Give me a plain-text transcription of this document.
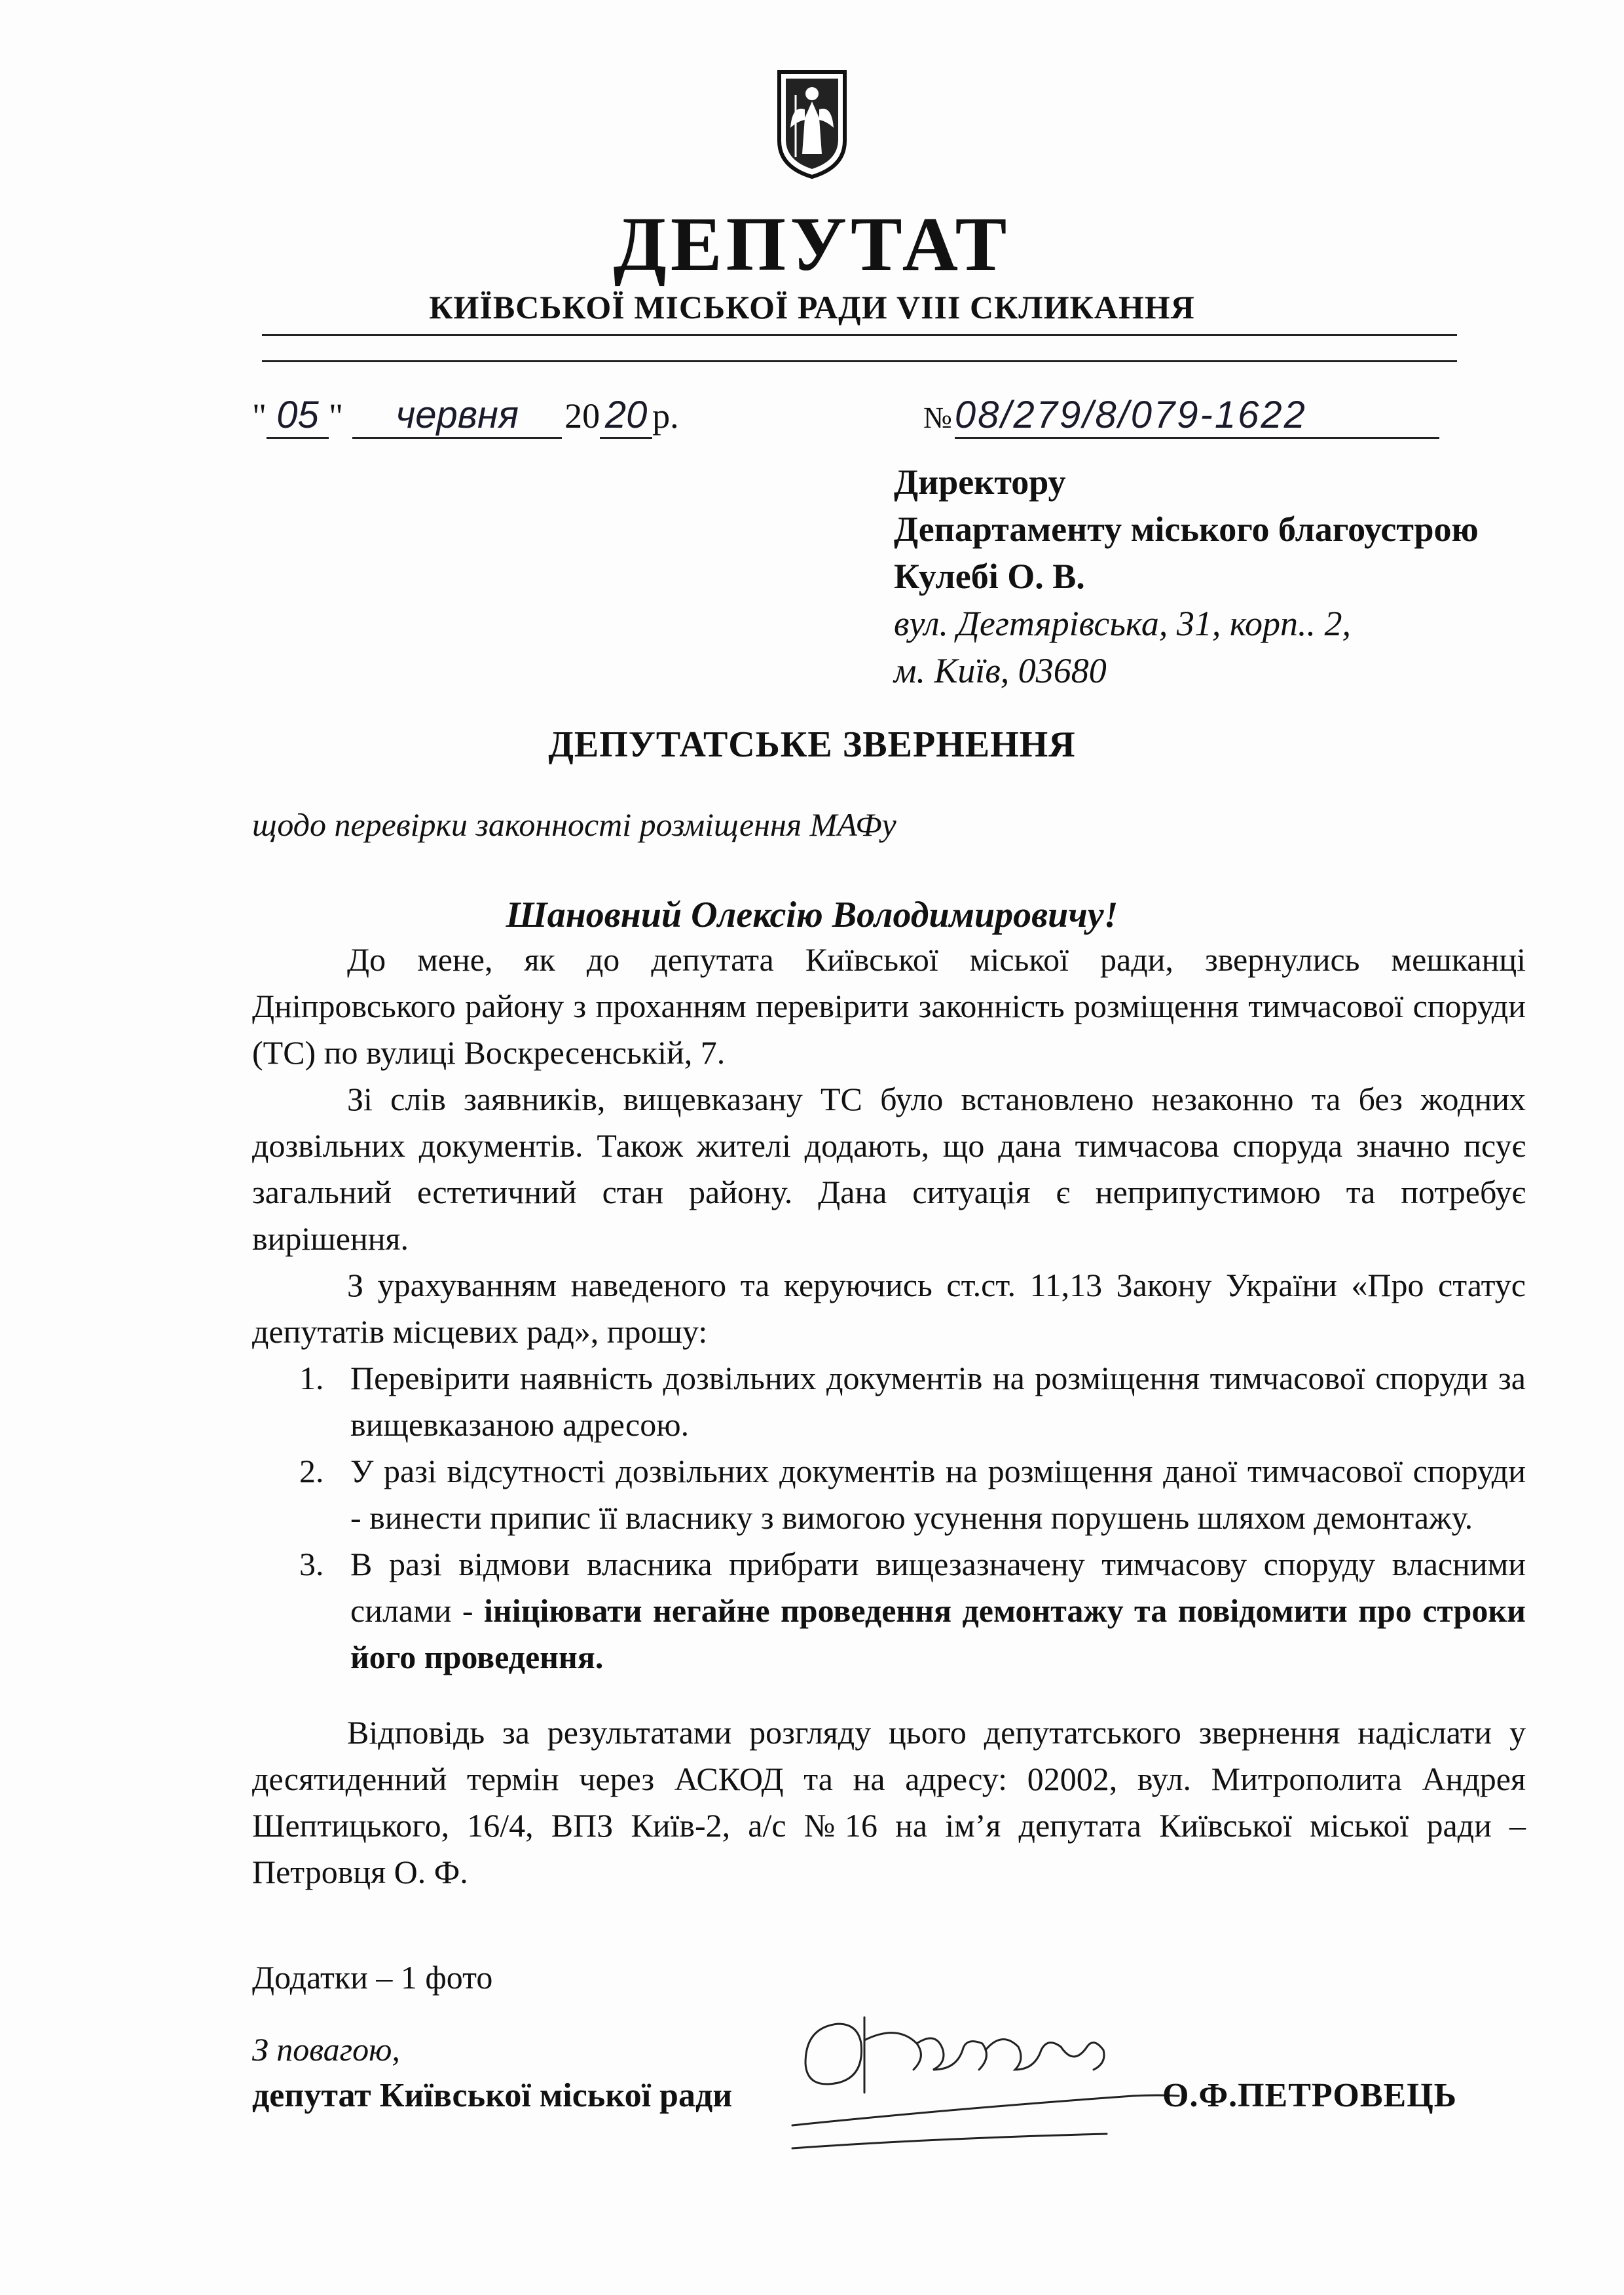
ДЕПУТАТ
КИЇВСЬКОЇ МІСЬКОЇ РАДИ VIII СКЛИКАННЯ
" 05 " червня 20 20 р.	№ 08/279/8/079-1622
Директору
Департаменту міського благоустрою
Кулебі О. В.
вул. Дегтярівська, 31, корп.. 2,
м. Київ, 03680
ДЕПУТАТСЬКЕ ЗВЕРНЕННЯ
щодо перевірки законності розміщення МАФу
Шановний Олексію Володимировичу!

До мене, як до депутата Київської міської ради, звернулись мешканці Дніпровського району з проханням перевірити законність розміщення тимчасової споруди (ТС) по вулиці Воскресенській, 7.

Зі слів заявників, вищевказану ТС було встановлено незаконно та без жодних дозвільних документів. Також жителі додають, що дана тимчасова споруда значно псує загальний естетичний стан району. Дана ситуація є неприпустимою та потребує вирішення.

З урахуванням наведеного та керуючись ст.ст. 11,13 Закону України «Про статус депутатів місцевих рад», прошу:

1. Перевірити наявність дозвільних документів на розміщення тимчасової споруди за вищевказаною адресою.
2. У разі відсутності дозвільних документів на розміщення даної тимчасової споруди - винести припис її власнику з вимогою усунення порушень шляхом демонтажу.
3. В разі відмови власника прибрати вищезазначену тимчасову споруду власними силами - ініціювати негайне проведення демонтажу та повідомити про строки його проведення.

Відповідь за результатами розгляду цього депутатського звернення надіслати у десятиденний термін через АСКОД та на адресу: 02002, вул. Митрополита Андрея Шептицького, 16/4, ВПЗ Київ-2, а/с №16 на ім’я депутата Київської міської ради – Петровця О. Ф.

Додатки – 1 фото
З повагою,
депутат Київської міської ради	О.Ф.ПЕТРОВЕЦЬ
